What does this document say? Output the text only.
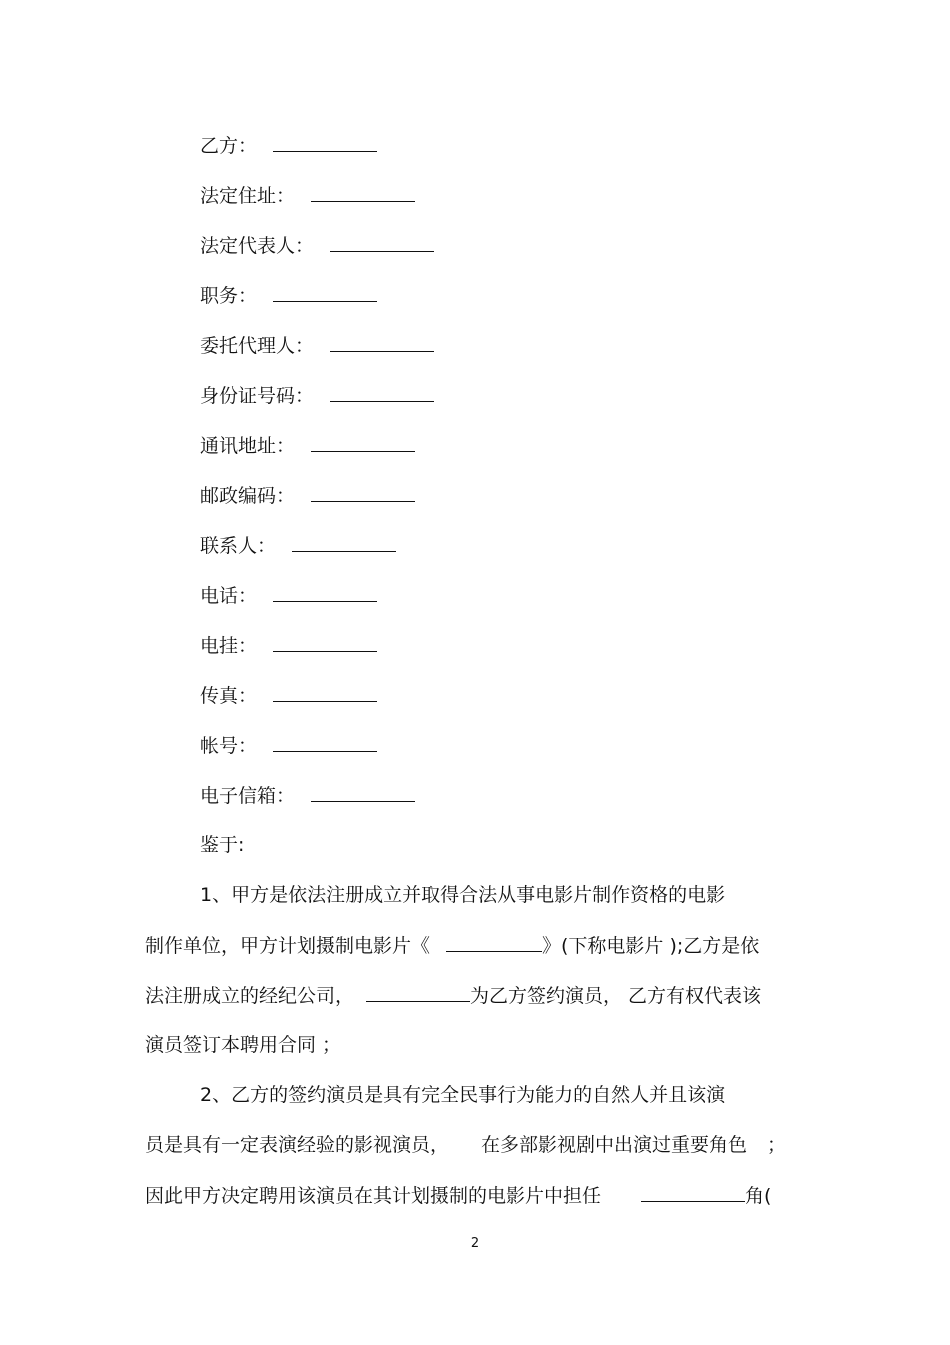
乙方：
法定住址：
法定代表人：
职务：
委托代理人：
身份证号码：
通讯地址：
邮政编码：
联系人：
电话：
电挂：
传真：
帐号：
电子信箱：
鉴于:
1、甲方是依法注册成立并取得合法从事电影片制作资格的电影
制作单位，甲方计划摄制电影片《	》(下称电影片 );乙方是依
法注册成立的经纪公司，	为乙方签约演员， 乙方有权代表该
演员签订本聘用合同 ；
2、乙方的签约演员是具有完全民事行为能力的自然人并且该演
员是具有一定表演经验的影视演员， 在多部影视剧中出演过重要角色 ；
因此甲方决定聘用该演员在其计划摄制的电影片中担任	角(
2
